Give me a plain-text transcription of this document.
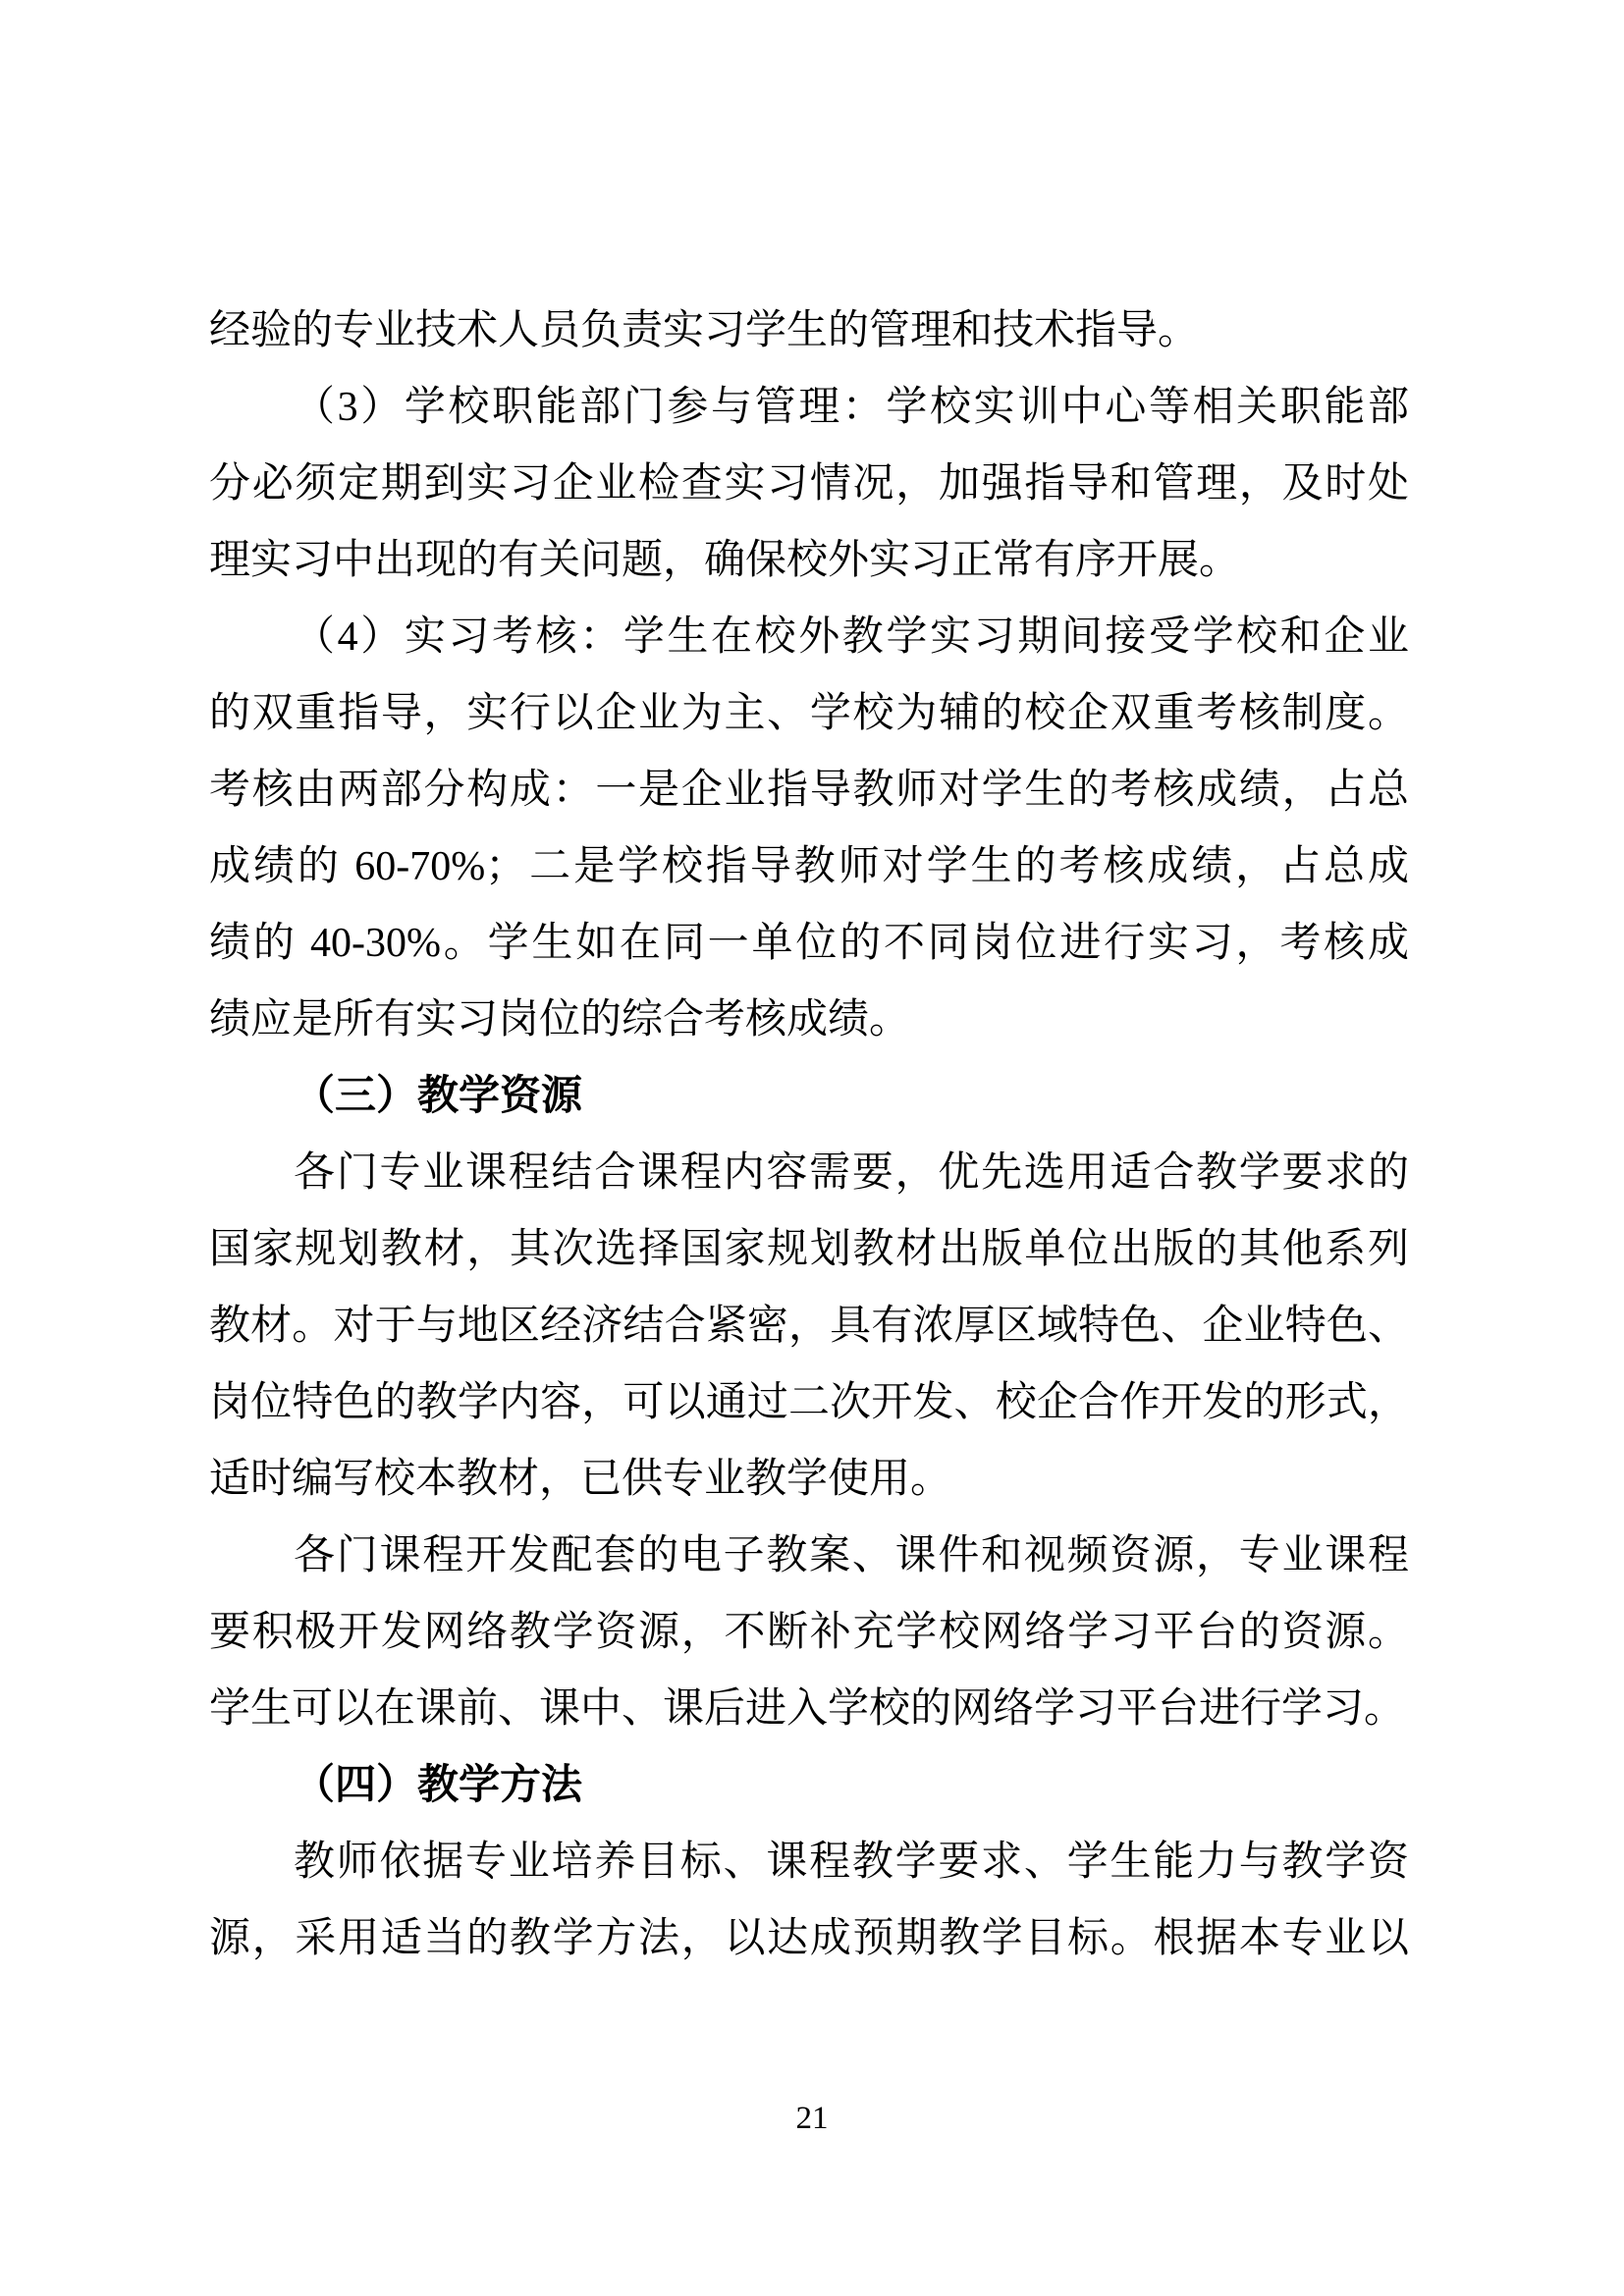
经验的专业技术人员负责实习学生的管理和技术指导。
（3）学校职能部门参与管理：学校实训中心等相关职能部
分必须定期到实习企业检查实习情况，加强指导和管理，及时处
理实习中出现的有关问题，确保校外实习正常有序开展。
（4）实习考核：学生在校外教学实习期间接受学校和企业
的双重指导，实行以企业为主、学校为辅的校企双重考核制度。
考核由两部分构成：一是企业指导教师对学生的考核成绩，占总
成绩的 60-70%；二是学校指导教师对学生的考核成绩，占总成
绩的 40-30%。学生如在同一单位的不同岗位进行实习，考核成
绩应是所有实习岗位的综合考核成绩。
（三）教学资源
各门专业课程结合课程内容需要，优先选用适合教学要求的
国家规划教材，其次选择国家规划教材出版单位出版的其他系列
教材。对于与地区经济结合紧密，具有浓厚区域特色、企业特色、
岗位特色的教学内容，可以通过二次开发、校企合作开发的形式，
适时编写校本教材，已供专业教学使用。
各门课程开发配套的电子教案、课件和视频资源，专业课程
要积极开发网络教学资源，不断补充学校网络学习平台的资源。
学生可以在课前、课中、课后进入学校的网络学习平台进行学习。
（四）教学方法
教师依据专业培养目标、课程教学要求、学生能力与教学资
源，采用适当的教学方法，以达成预期教学目标。根据本专业以
21
